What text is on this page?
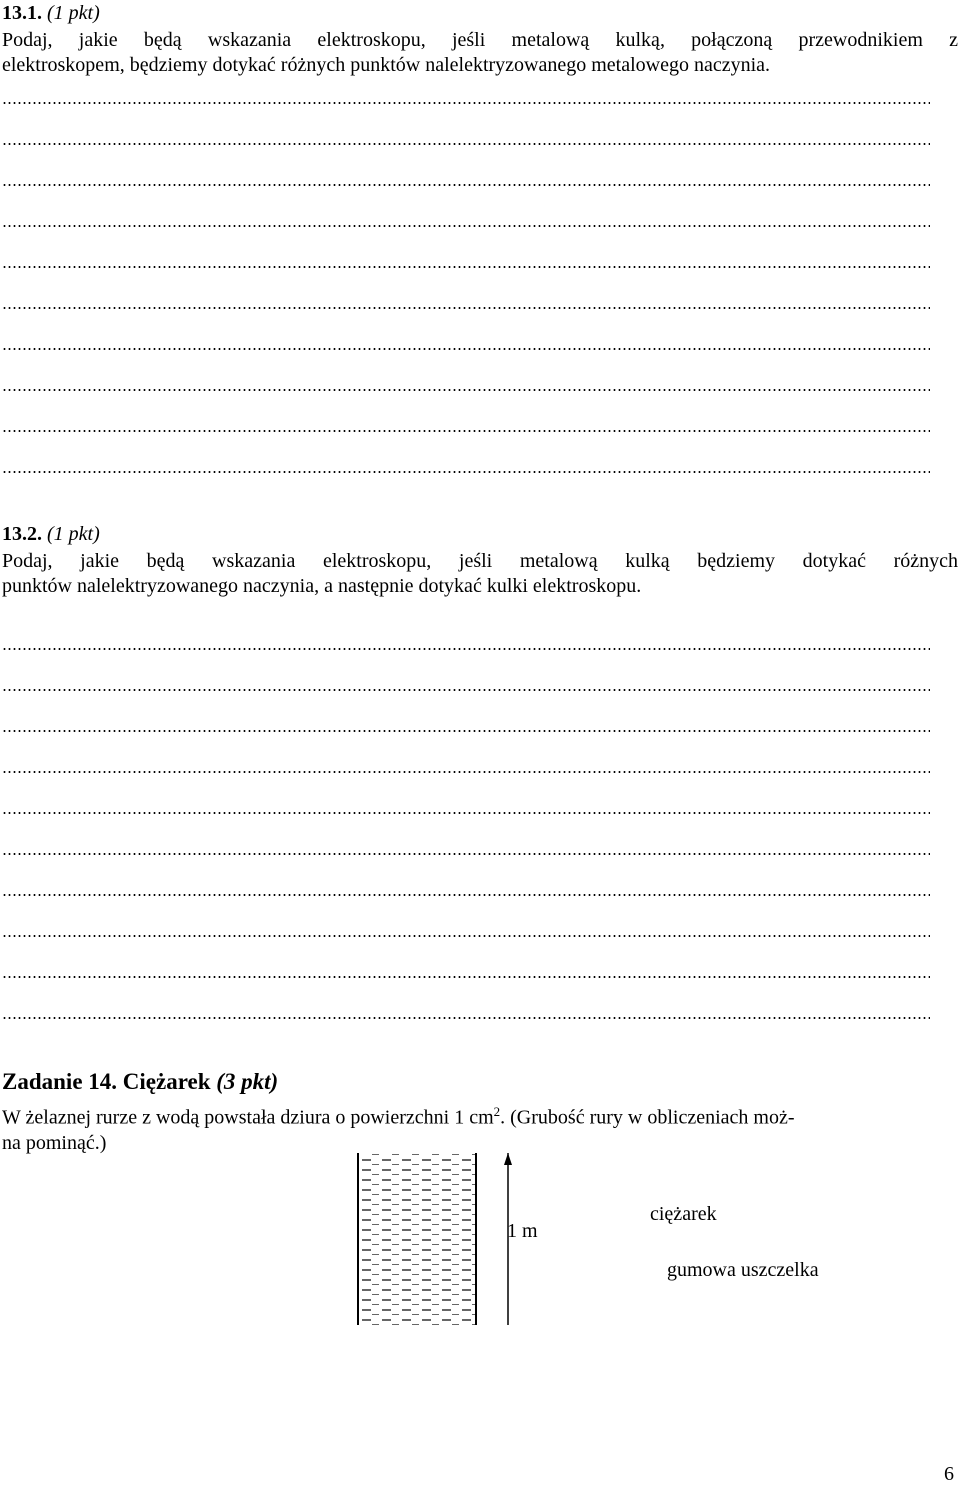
13.1. (1 pkt)
Podaj, jakie będą wskazania elektroskopu, jeśli metalową kulką, połączoną przewodnikiem z
elektroskopem, będziemy dotykać różnych punktów nalelektryzowanego metalowego naczynia.
13.2. (1 pkt)
Podaj, jakie będą wskazania elektroskopu, jeśli metalową kulką będziemy dotykać różnych
punktów nalelektryzowanego naczynia, a następnie dotykać kulki elektroskopu.
Zadanie 14. Ciężarek (3 pkt)
W żelaznej rurze z wodą powstała dziura o powierzchni 1 $cm^2$. (Grubość rury w obliczeniach moż-
na pominąć.)
1 m
ciężarek
gumowa uszczelka
6
